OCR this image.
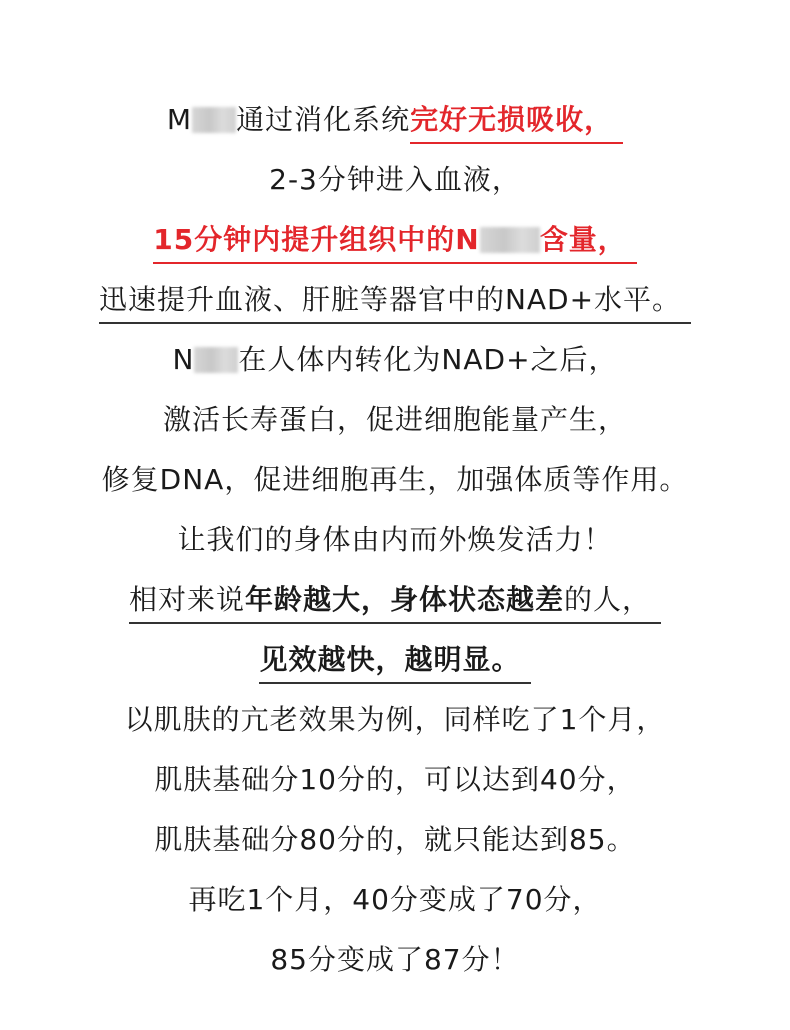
M 通过消化系统完好无损吸收，
2-3分钟进入血液，
15分钟内提升组织中的N 含量，
迅速提升血液、肝脏等器官中的NAD+水平。
N 在人体内转化为NAD+之后，
激活长寿蛋白，促进细胞能量产生，
修复DNA，促进细胞再生，加强体质等作用。
让我们的身体由内而外焕发活力！
相对来说年龄越大，身体状态越差的人，
见效越快，越明显。
以肌肤的亢老效果为例，同样吃了1个月，
肌肤基础分10分的，可以达到40分，
肌肤基础分80分的，就只能达到85。
再吃1个月，40分变成了70分，
85分变成了87分！
